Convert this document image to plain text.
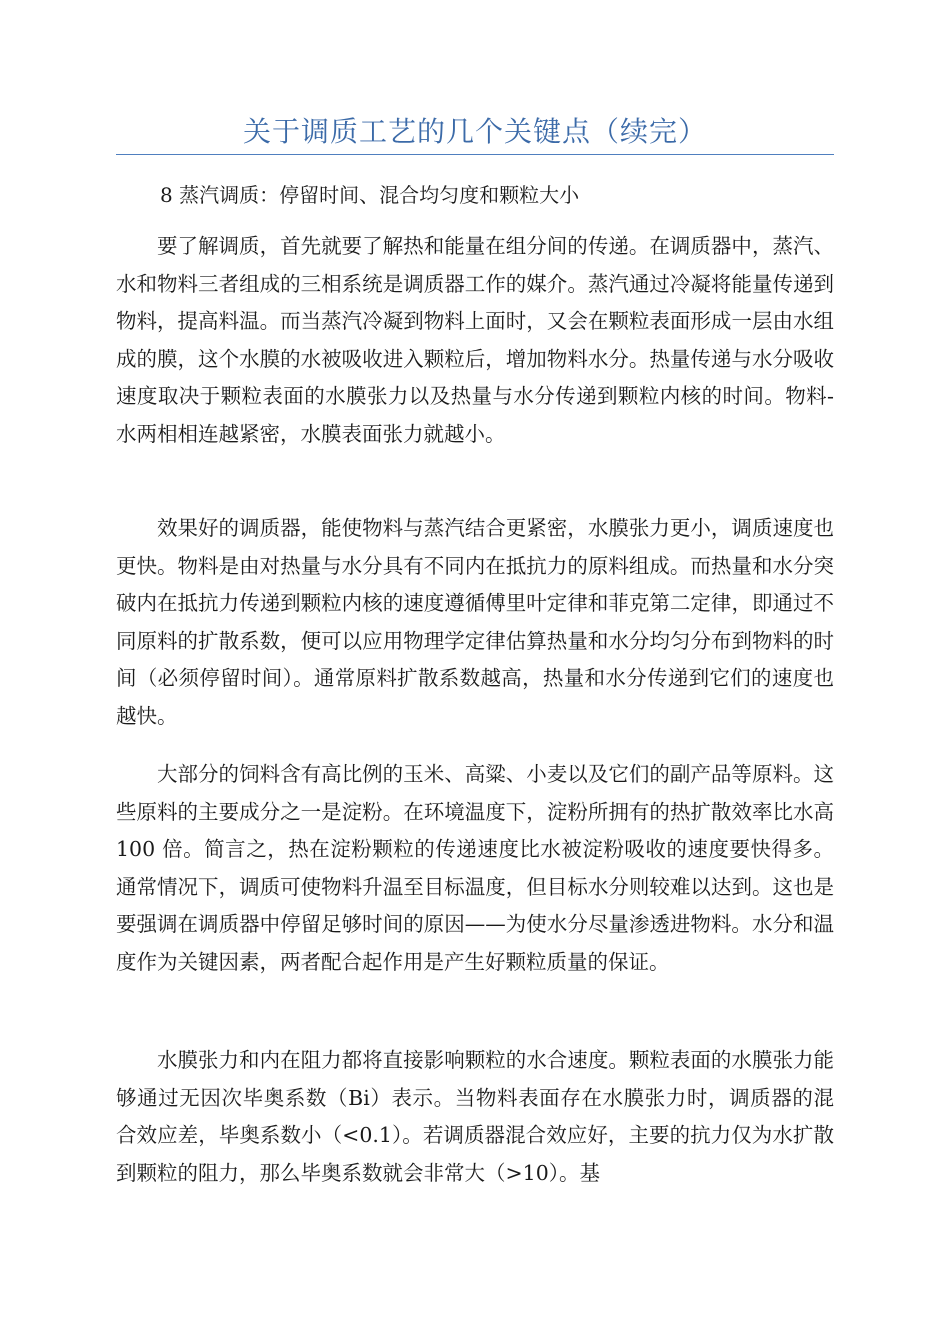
关于调质工艺的几个关键点（续完）

8 蒸汽调质：停留时间、混合均匀度和颗粒大小

要了解调质，首先就要了解热和能量在组分间的传递。在调质器中，蒸汽、水和物料三者组成的三相系统是调质器工作的媒介。蒸汽通过冷凝将能量传递到物料，提高料温。而当蒸汽冷凝到物料上面时，又会在颗粒表面形成一层由水组成的膜，这个水膜的水被吸收进入颗粒后，增加物料水分。热量传递与水分吸收速度取决于颗粒表面的水膜张力以及热量与水分传递到颗粒内核的时间。物料-水两相相连越紧密，水膜表面张力就越小。

效果好的调质器，能使物料与蒸汽结合更紧密，水膜张力更小，调质速度也更快。物料是由对热量与水分具有不同内在抵抗力的原料组成。而热量和水分突破内在抵抗力传递到颗粒内核的速度遵循傅里叶定律和菲克第二定律，即通过不同原料的扩散系数，便可以应用物理学定律估算热量和水分均匀分布到物料的时间（必须停留时间）。通常原料扩散系数越高，热量和水分传递到它们的速度也越快。

大部分的饲料含有高比例的玉米、高粱、小麦以及它们的副产品等原料。这些原料的主要成分之一是淀粉。在环境温度下，淀粉所拥有的热扩散效率比水高 100 倍。简言之，热在淀粉颗粒的传递速度比水被淀粉吸收的速度要快得多。通常情况下，调质可使物料升温至目标温度，但目标水分则较难以达到。这也是要强调在调质器中停留足够时间的原因——为使水分尽量渗透进物料。水分和温度作为关键因素，两者配合起作用是产生好颗粒质量的保证。

水膜张力和内在阻力都将直接影响颗粒的水合速度。颗粒表面的水膜张力能够通过无因次毕奥系数（Bi）表示。当物料表面存在水膜张力时，调质器的混合效应差，毕奥系数小（<0.1）。若调质器混合效应好，主要的抗力仅为水扩散到颗粒的阻力，那么毕奥系数就会非常大（>10）。基
